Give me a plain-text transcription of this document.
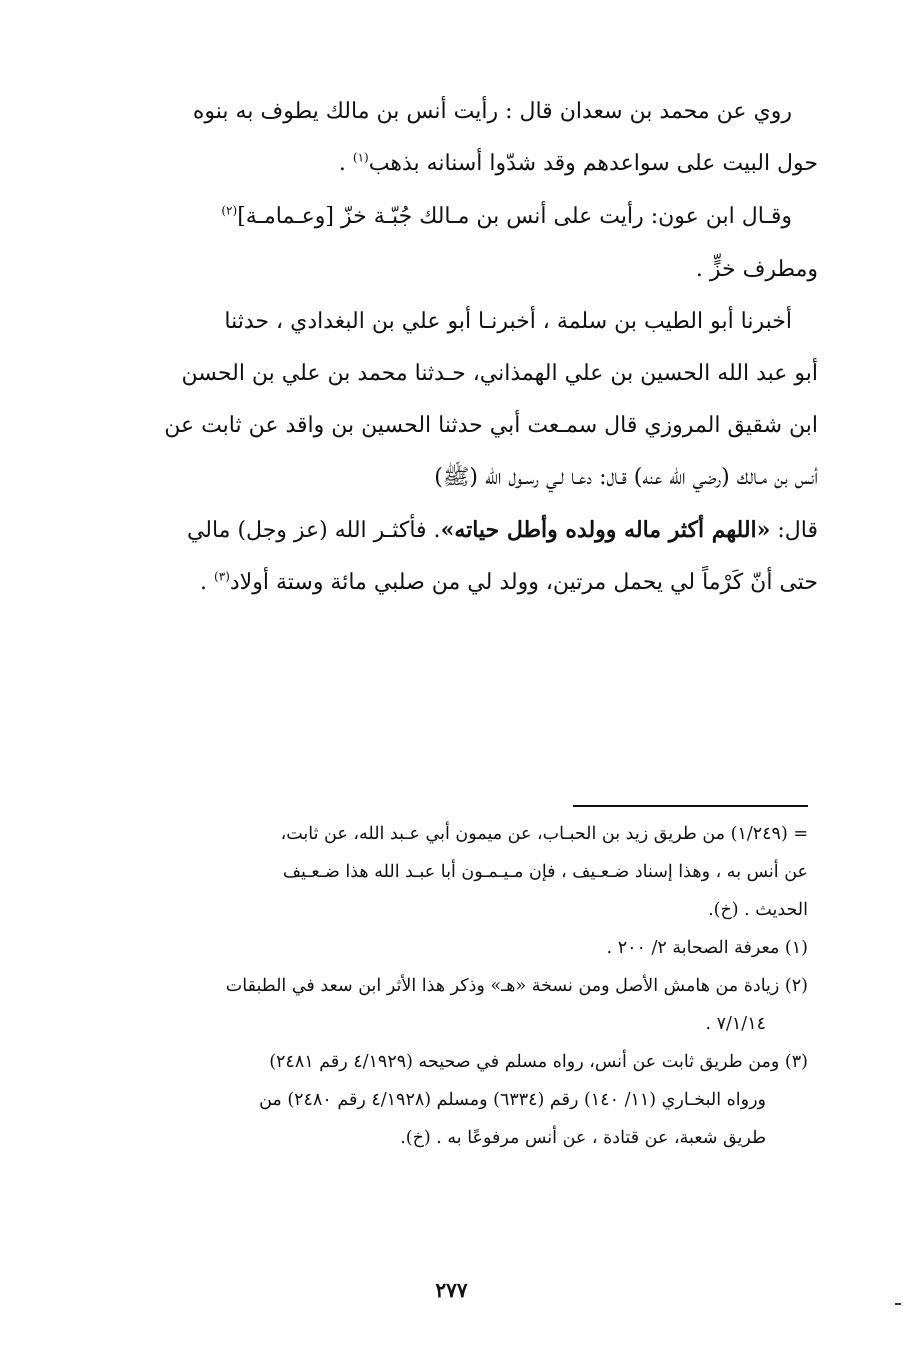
روي عن محمد بن سعدان قال : رأيت أنس بن مالك يطوف به بنوه
حول البيت على سواعدهم وقد شدّوا أسنانه بذهب$^{(١)}$ .
وقـال ابن عون: رأيت على أنس بن مـالك جُبّـة خزّ [وعـمامـة]$^{(٢)}$
ومطرف خزٍّ .
أخبرنا أبو الطيب بن سلمة ، أخبرنـا أبو علي بن البغدادي ، حدثنا
أبو عبد الله الحسين بن علي الهمذاني، حـدثنا محمد بن علي بن الحسن
ابن شقيق المروزي قال سمـعت أبي حدثنا الحسين بن واقد عن ثابت عن
أنس بن مـالك (رضي الله عنه) قـال: دعـا لـي رسـول الله (ﷺ)
قال: «اللهم أكثر ماله وولده وأطل حياته». فأكثـر الله (عز وجل) مالي
حتى أنّ كَرْماً لي يحمل مرتين، وولد لي من صلبي مائة وستة أولاد$^{(٣)}$ .
= (١/٢٤٩) من طريق زيد بن الحبـاب، عن ميمون أبي عـبد الله، عن ثابت،
عن أنس به ، وهذا إسناد ضـعـيف ، فإن مـيـمـون أبا عبـد الله هذا ضـعـيف
الحديث . (خ).
(١) معرفة الصحابة ٢/ ٢٠٠ .
(٢) زيادة من هامش الأصل ومن نسخة «هـ» وذكر هذا الأثر ابن سعد في الطبقات
٧/١/١٤ .
(٣) ومن طريق ثابت عن أنس، رواه مسلم في صحيحه (٤/١٩٢٩ رقم ٢٤٨١)
ورواه البخـاري (١١/ ١٤٠) رقم (٦٣٣٤) ومسلم (٤/١٩٢٨ رقم ٢٤٨٠) من
طريق شعبة، عن قتادة ، عن أنس مرفوعًا به . (خ).
٢٧٧
